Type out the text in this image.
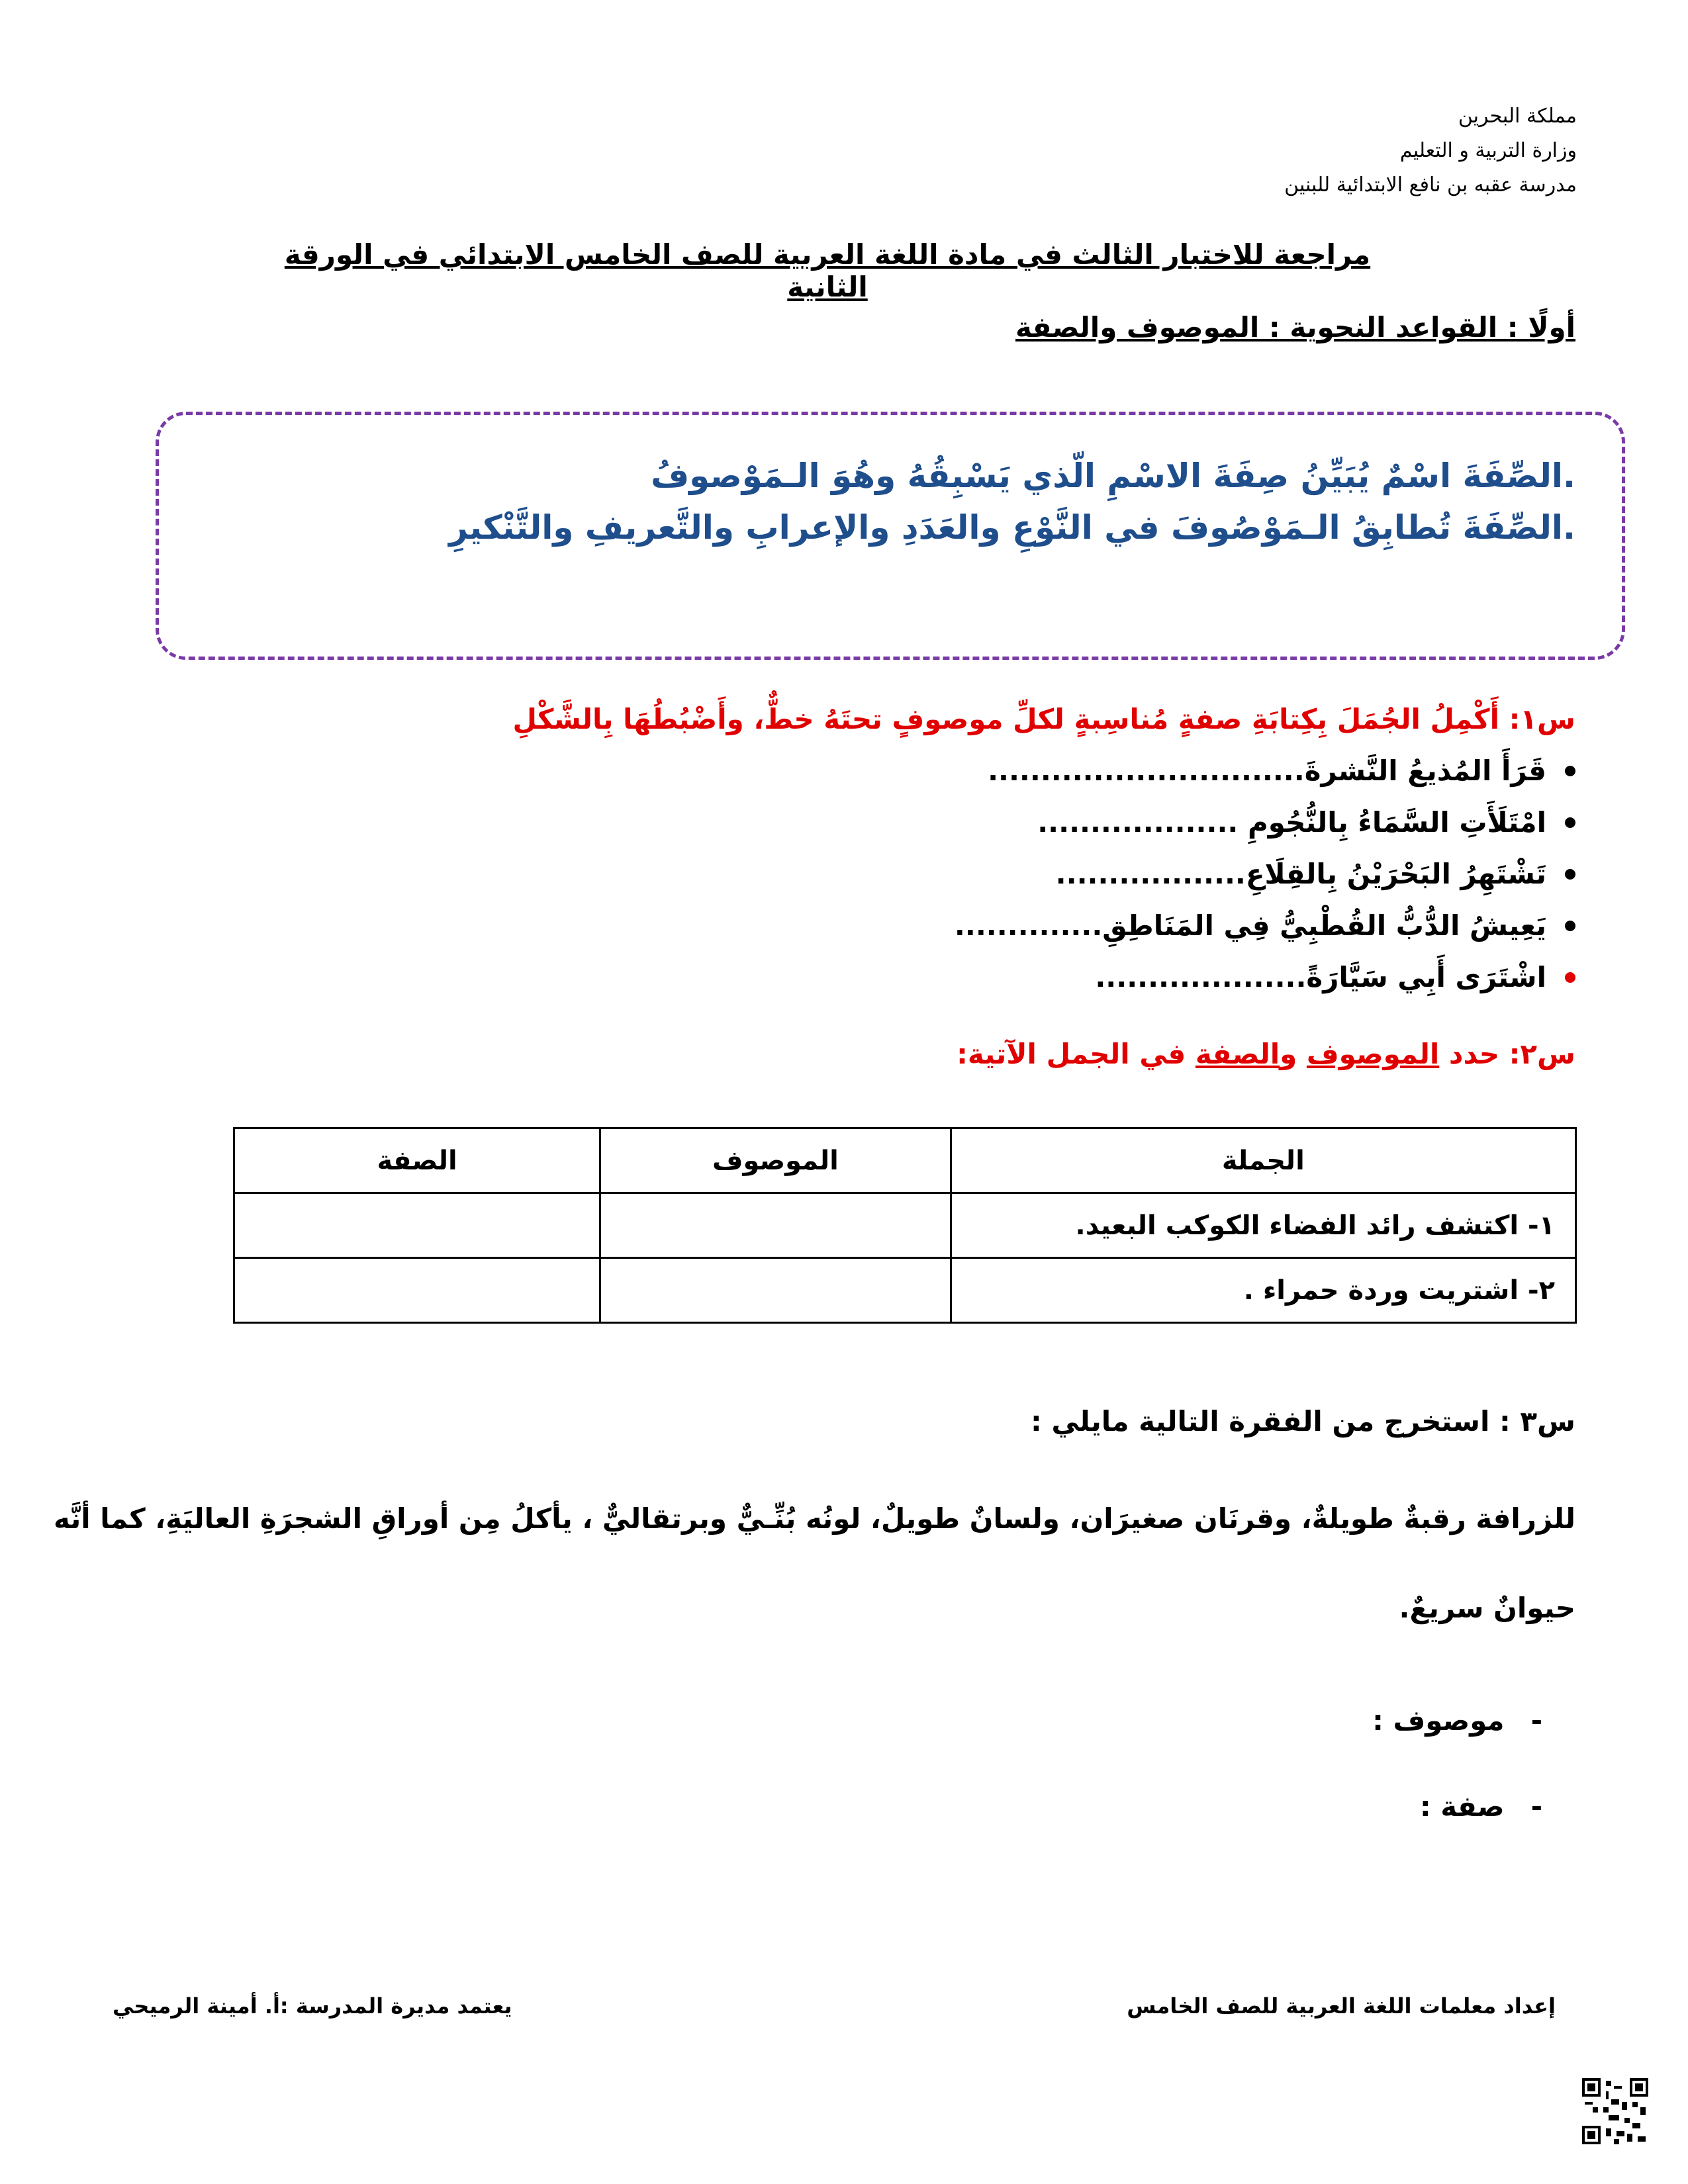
مملكة البحرين
وزارة التربية و التعليم
مدرسة عقبه بن نافع الابتدائية للبنين
مراجعة للاختبار الثالث في مادة اللغة العربية للصف الخامس الابتدائي في الورقة الثانية
أولًا : القواعد النحوية : الموصوف والصفة
.الصِّفَةَ اسْمٌ يُبَيِّنُ صِفَةَ الاسْمِ الّذي يَسْبِقُهُ وهُوَ الـمَوْصوفُ
.الصِّفَةَ تُطابِقُ الـمَوْصُوفَ في النَّوْعِ والعَدَدِ والإعرابِ والتَّعريفِ والتَّنْكيرِ
س١: أَكْمِلُ الجُمَلَ بِكِتابَةِ صفةٍ مُناسِبةٍ لكلِّ موصوفٍ تحتَهُ خطٌّ، وأَضْبُطُهَا بِالشَّكْلِ
قَرَأَ المُذيعُ النَّشرةَ..............................
امْتَلَأَتِ السَّمَاءُ بِالنُّجُومِ ...................
تَشْتَهِرُ البَحْرَيْنُ بِالقِلَاعِ..................
يَعِيشُ الدُّبُّ القُطْبِيُّ فِي المَنَاطِقِ..............
اشْتَرَى أَبِي سَيَّارَةً....................
س٢: حدد الموصوف والصفة في الجمل الآتية:
الجملة	الموصوف	الصفة
١- اكتشف رائد الفضاء الكوكب البعيد.		
٢- اشتريت وردة حمراء .		
س٣ : استخرج من الفقرة التالية مايلي :
للزرافة رقبةٌ طويلةٌ، وقرنَان صغيرَان، ولسانٌ طويلٌ، لونُه بُنِّـيٌّ وبرتقاليٌّ ، يأكلُ مِن أوراقِ الشجرَةِ العاليَةِ، كما أنَّه
حيوانٌ سريعٌ.
-
موصوف :
-
صفة :
إعداد معلمات اللغة العربية للصف الخامس
يعتمد مديرة المدرسة :أ. أمينة الرميحي
